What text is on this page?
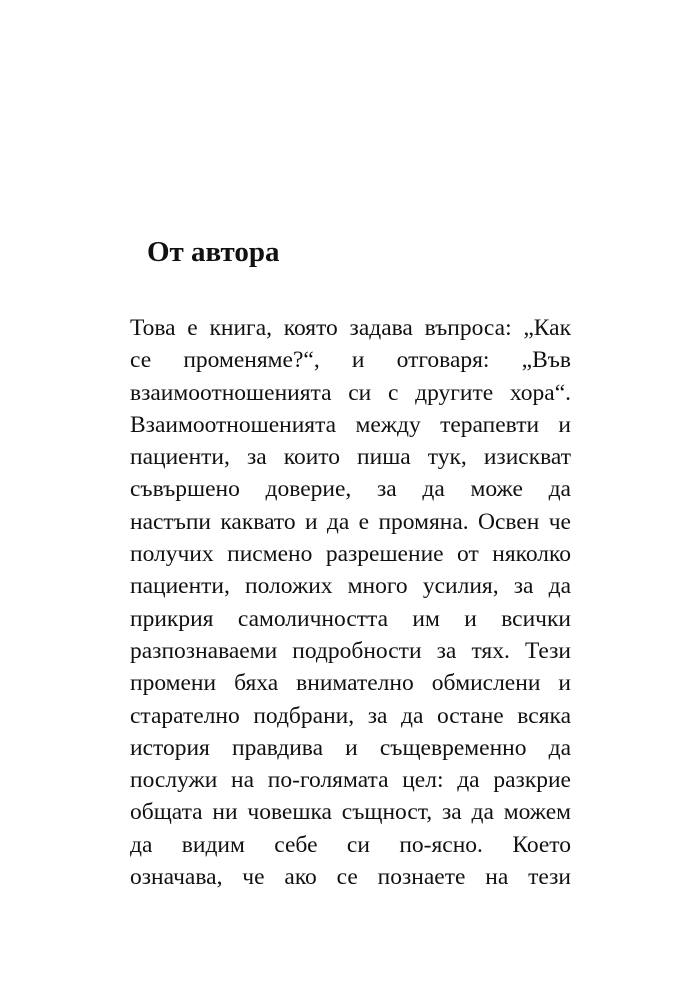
От автора
Това е книга, която задава въпроса: „Как
се променяме?“, и отговаря: „Във
взаимоотношенията си с другите хора“.
Взаимоотношенията между терапевти и
пациенти, за които пиша тук, изискват
съвършено доверие, за да може да
настъпи каквато и да е промяна. Освен че
получих писмено разрешение от няколко
пациенти, положих много усилия, за да
прикрия самоличността им и всички
разпознаваеми подробности за тях. Тези
промени бяха внимателно обмислени и
старателно подбрани, за да остане всяка
история правдива и същевременно да
послужи на по-голямата цел: да разкрие
общата ни човешка същност, за да можем
да видим себе си по-ясно. Което
означава, че ако се познаете на тези
